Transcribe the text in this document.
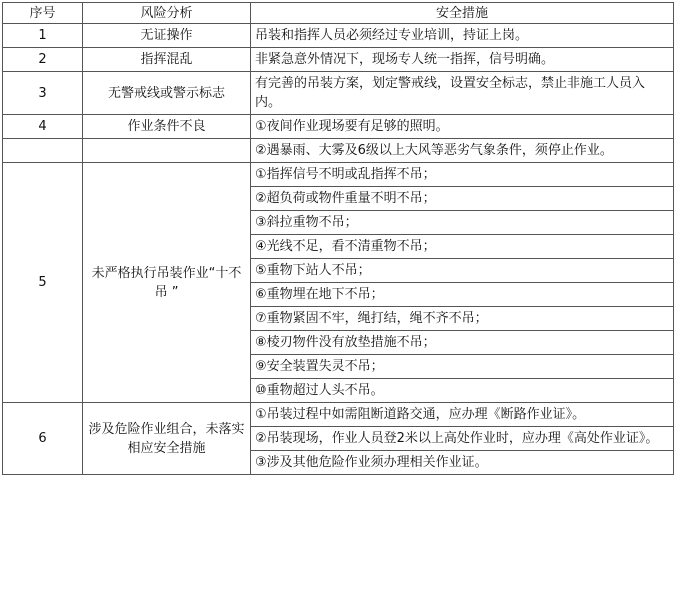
序号	风险分析	安全措施
1	无证操作	吊装和指挥人员必须经过专业培训，持证上岗。
2	指挥混乱	非紧急意外情况下，现场专人统一指挥，信号明确。
3	无警戒线或警示标志	有完善的吊装方案，划定警戒线，设置安全标志，禁止非施工人员入内。
4	作业条件不良	①夜间作业现场要有足够的照明。
		②遇暴雨、大雾及6级以上大风等恶劣气象条件，须停止作业。
5	未严格执行吊装作业“十不吊 ”	①指挥信号不明或乱指挥不吊；
		②超负荷或物件重量不明不吊；
		③斜拉重物不吊；
		④光线不足，看不清重物不吊；
		⑤重物下站人不吊；
		⑥重物埋在地下不吊；
		⑦重物紧固不牢，绳打结，绳不齐不吊；
		⑧棱刃物件没有放垫措施不吊；
		⑨安全装置失灵不吊；
		⑩重物超过人头不吊。
6	涉及危险作业组合，未落实相应安全措施	①吊装过程中如需阻断道路交通，应办理《断路作业证》。
		②吊装现场，作业人员登2米以上高处作业时，应办理《高处作业证》。
		③涉及其他危险作业须办理相关作业证。
